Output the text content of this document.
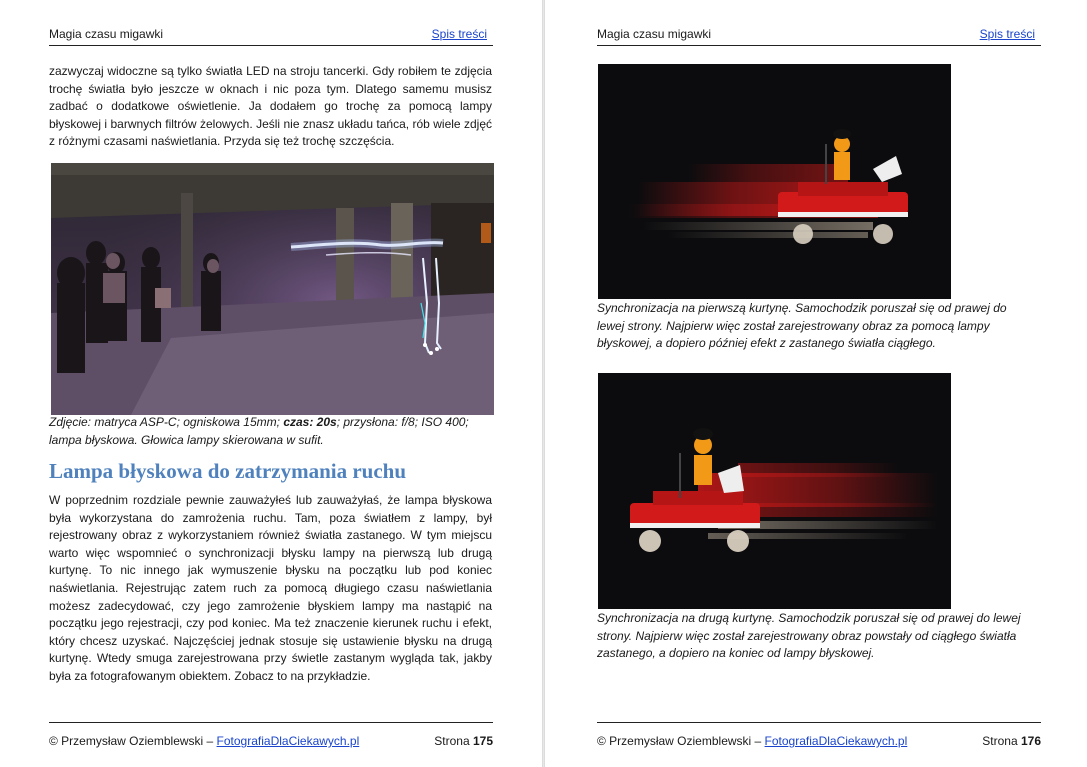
Magia czasu migawki	Spis treści

zazwyczaj widoczne są tylko światła LED na stroju tancerki. Gdy robiłem te zdjęcia trochę światła było jeszcze w oknach i nic poza tym. Dlatego samemu musisz zadbać o dodatkowe oświetlenie. Ja dodałem go trochę za pomocą lampy błyskowej i barwnych filtrów żelowych. Jeśli nie znasz układu tańca, rób wiele zdjęć z różnymi czasami naświetlania. Przyda się też trochę szczęścia.

Zdjęcie: matryca ASP-C; ogniskowa 15mm; czas: 20s; przysłona: f/8; ISO 400; lampa błyskowa. Głowica lampy skierowana w sufit.

Lampa błyskowa do zatrzymania ruchu

W poprzednim rozdziale pewnie zauważyłeś lub zauważyłaś, że lampa błyskowa była wykorzystana do zamrożenia ruchu. Tam, poza światłem z lampy, był rejestrowany obraz z wykorzystaniem również światła zastanego. W tym miejscu warto więc wspomnieć o synchronizacji błysku lampy na pierwszą lub drugą kurtynę. To nic innego jak wymuszenie błysku na początku lub pod koniec naświetlania. Rejestrując zatem ruch za pomocą długiego czasu naświetlania możesz zadecydować, czy jego zamrożenie błyskiem lampy ma nastąpić na początku jego rejestracji, czy pod koniec. Ma też znaczenie kierunek ruchu i efekt, który chcesz uzyskać. Najczęściej jednak stosuje się ustawienie błysku na drugą kurtynę. Wtedy smuga zarejestrowana przy świetle zastanym wygląda tak, jakby była za fotografowanym obiektem. Zobacz to na przykładzie.

© Przemysław Oziemblewski – FotografiaDlaCiekawych.pl	Strona 175
Magia czasu migawki	Spis treści

Synchronizacja na pierwszą kurtynę. Samochodzik poruszał się od prawej do lewej strony. Najpierw więc został zarejestrowany obraz za pomocą lampy błyskowej, a dopiero później efekt z zastanego światła ciągłego.

Synchronizacja na drugą kurtynę. Samochodzik poruszał się od prawej do lewej strony. Najpierw więc został zarejestrowany obraz powstały od ciągłego światła zastanego, a dopiero na koniec od lampy błyskowej.

© Przemysław Oziemblewski – FotografiaDlaCiekawych.pl	Strona 176
